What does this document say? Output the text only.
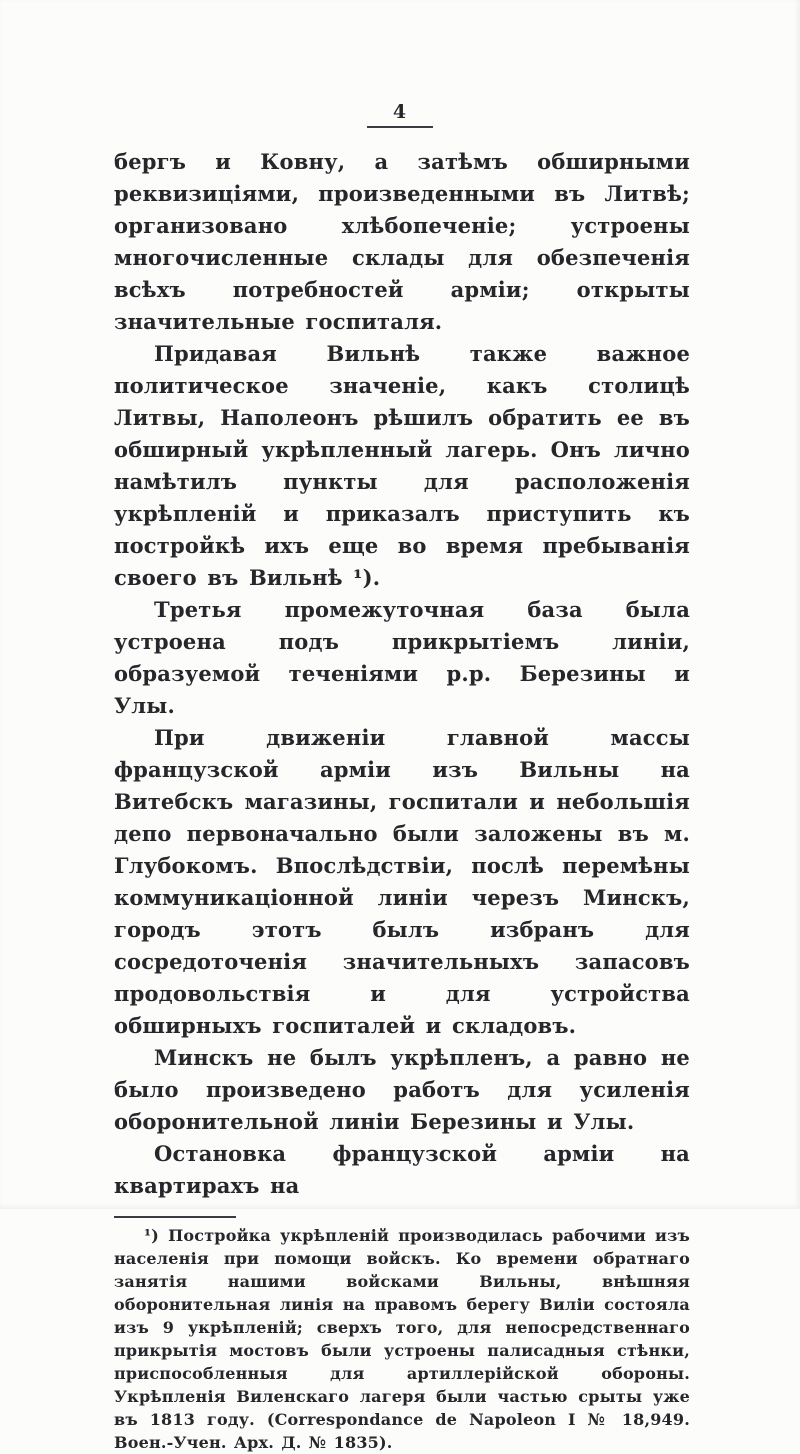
4

бергъ и Ковну, а затѣмъ обширными реквизиціями, произведенными въ Литвѣ; организовано хлѣбопеченіе; устроены многочисленные склады для обезпеченія всѣхъ потребностей арміи; открыты значительные госпиталя.

Придавая Вильнѣ также важное политическое значеніе, какъ столицѣ Литвы, Наполеонъ рѣшилъ обратить ее въ обширный укрѣпленный лагерь. Онъ лично намѣтилъ пункты для расположенія укрѣпленій и приказалъ приступить къ постройкѣ ихъ еще во время пребыванія своего въ Вильнѣ ¹).

Третья промежуточная база была устроена подъ прикрытіемъ линіи, образуемой теченіями р.р. Березины и Улы.

При движеніи главной массы французской арміи изъ Вильны на Витебскъ магазины, госпитали и небольшія депо первоначально были заложены въ м. Глубокомъ. Впослѣдствіи, послѣ перемѣны коммуникаціонной линіи черезъ Минскъ, городъ этотъ былъ избранъ для сосредоточенія значительныхъ запасовъ продовольствія и для устройства обширныхъ госпиталей и складовъ.

Минскъ не былъ укрѣпленъ, а равно не было произведено работъ для усиленія оборонительной линіи Березины и Улы.

Остановка французской арміи на квартирахъ на

¹) Постройка укрѣпленій производилась рабочими изъ населенія при помощи войскъ. Ко времени обратнаго занятія нашими войсками Вильны, внѣшняя оборонительная линія на правомъ берегу Виліи состояла изъ 9 укрѣпленій; сверхъ того, для непосредственнаго прикрытія мостовъ были устроены палисадныя стѣнки, приспособленныя для артиллерійской обороны. Укрѣпленія Виленскаго лагеря были частью срыты уже въ 1813 году. (Correspondance de Napoleon I № 18,949. Воен.-Учен. Арх. Д. № 1835).
